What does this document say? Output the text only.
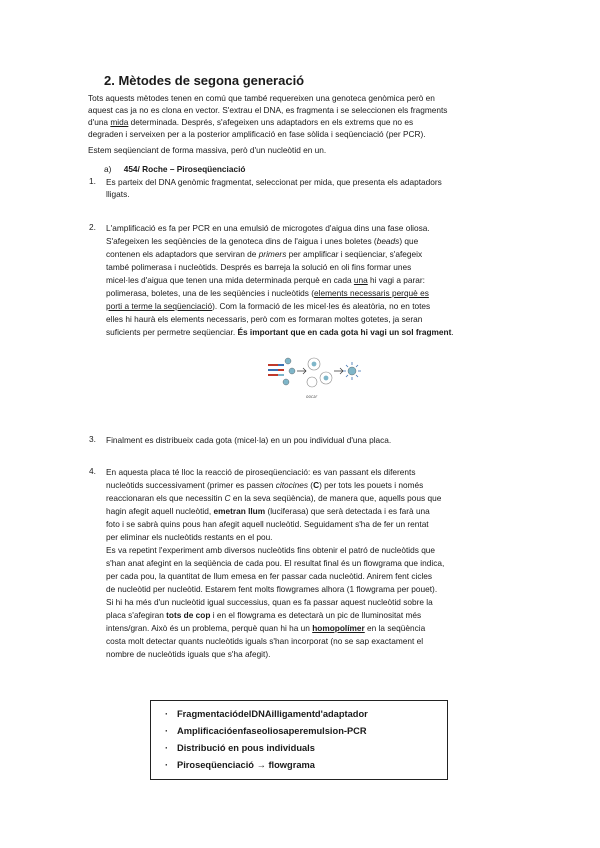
2. Mètodes de segona generació
Tots aquests mètodes tenen en comú que també requereixen una genoteca genòmica però en
aquest cas ja no es clona en vector. S'extrau el DNA, es fragmenta i se seleccionen els fragments
d'una mida determinada. Després, s'afegeixen uns adaptadors en els extrems que no es
degraden i serveixen per a la posterior amplificació en fase sòlida i seqüenciació (per PCR).
Estem seqüenciant de forma massiva, però d'un nucleòtid en un.
a) 454/ Roche – Piroseqüenciació
1. Es parteix del DNA genòmic fragmentat, seleccionat per mida, que presenta els adaptadors
lligats.
2. L'amplificació es fa per PCR en una emulsió de microgotes d'aigua dins una fase oliosa.
S'afegeixen les seqüències de la genoteca dins de l'aigua i unes boletes (beads) que
contenen els adaptadors que serviran de primers per amplificar i seqüenciar, s'afegeix
també polimerasa i nucleòtids. Després es barreja la solució en oli fins formar unes
micel·les d'aigua que tenen una mida determinada perquè en cada una hi vagi a parar:
polimerasa, boletes, una de les seqüències i nucleòtids (elements necessaris perquè es
porti a terme la seqüenciació). Com la formació de les micel·les és aleatòria, no en totes
elles hi haurà els elements necessaris, però com es formaran moltes gotetes, ja seran
suficients per permetre seqüenciar. És important que en cada gota hi vagi un sol fragment.
oocar
3. Finalment es distribueix cada gota (micel·la) en un pou individual d'una placa.
4. En aquesta placa té lloc la reacció de piroseqüenciació: es van passant els diferents
nucleòtids successivament (primer es passen citocines (C) per tots les pouets i només
reaccionaran els que necessitin C en la seva seqüència), de manera que, aquells pous que
hagin afegit aquell nucleòtid, emetran llum (luciferasa) que serà detectada i es farà una
foto i se sabrà quins pous han afegit aquell nucleòtid. Seguidament s'ha de fer un rentat
per eliminar els nucleòtids restants en el pou.
Es va repetint l'experiment amb diversos nucleòtids fins obtenir el patró de nucleòtids que
s'han anat afegint en la seqüència de cada pou. El resultat final és un flowgrama que indica,
per cada pou, la quantitat de llum emesa en fer passar cada nucleòtid. Anirem fent cicles
de nucleòtid per nucleòtid. Estarem fent molts flowgrames alhora (1 flowgrama per pouet).
Si hi ha més d'un nucleòtid igual successius, quan es fa passar aquest nucleòtid sobre la
placa s'afegiran tots de cop i en el flowgrama es detectarà un pic de lluminositat més
intens/gran. Això és un problema, perquè quan hi ha un homopolímer en la seqüència
costa molt detectar quants nucleòtids iguals s'han incorporat (no se sap exactament el
nombre de nucleòtids iguals que s'ha afegit).
· FragmentaciódelDNAilligamentd'adaptador
· Amplificacióenfaseoliosaperemulsion-PCR
· Distribució en pous individuals
· Piroseqüenciació → flowgrama
